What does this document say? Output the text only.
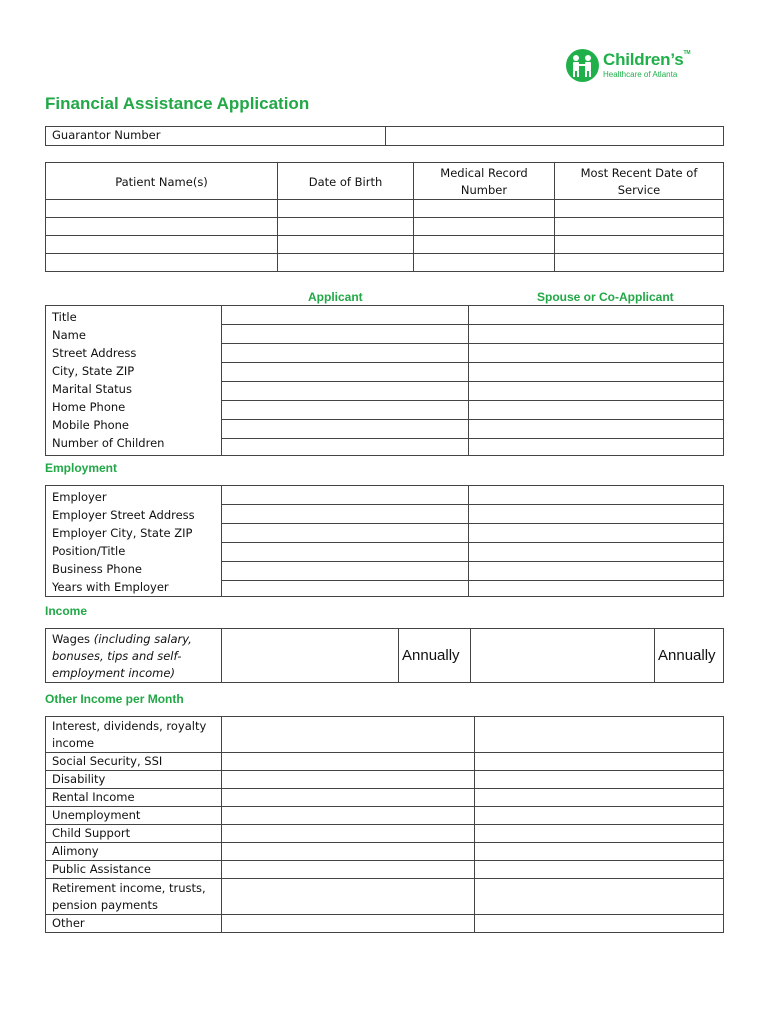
Children’s™
Healthcare of Atlanta
Financial Assistance Application
Guarantor Number	
Patient Name(s)	Date of Birth	Medical Record Number	Most Recent Date of Service

Applicant	Spouse or Co-Applicant
Title
Name
Street Address
City, State ZIP
Marital Status
Home Phone
Mobile Phone
Number of Children

Employment
Employer
Employer Street Address
Employer City, State ZIP
Position/Title
Business Phone
Years with Employer

Income
Wages (including salary, bonuses, tips and self-employment income)		Annually		Annually
Other Income per Month
Interest, dividends, royalty income		
Social Security, SSI		
Disability		
Rental Income		
Unemployment		
Child Support		
Alimony		
Public Assistance		
Retirement income, trusts, pension payments		
Other		
